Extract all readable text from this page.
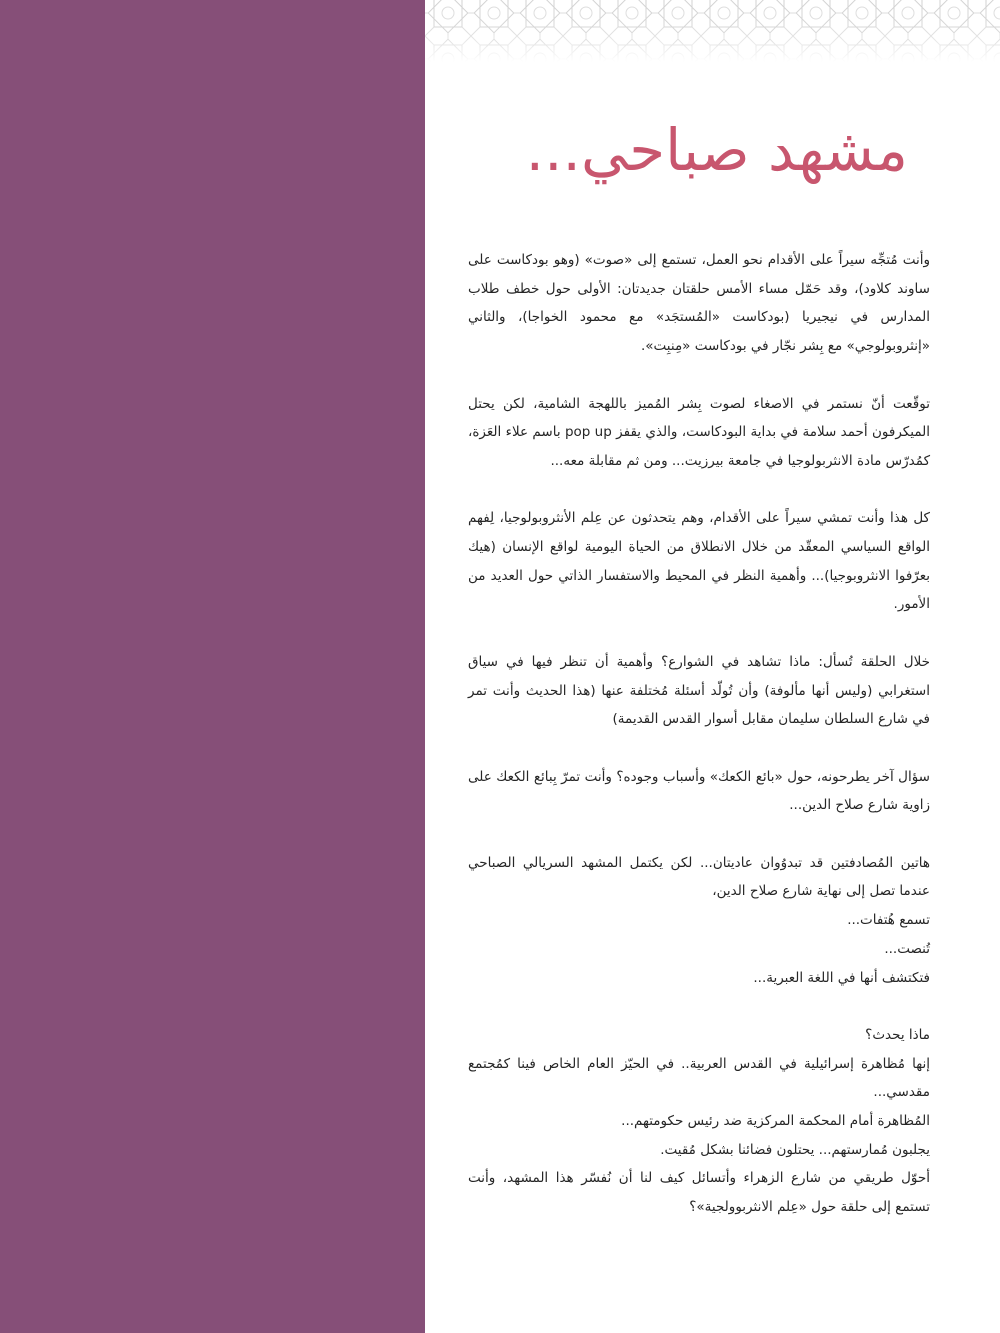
مشهد صباحي...

وأنت مُتجِّه سيراً على الأقدام نحو العمل، تستمع إلى «صوت» (وهو بودكاست على ساوند كلاود)، وقد حَمّل مساء الأمس حلقتان جديدتان: الأولى حول خطف طلاب المدارس في نيجيريا (بودكاست «المُستجَد» مع محمود الخواجا)، والثاني «إنثروبولوجي» مع بِشر نجّار في بودكاست «مِنبِت».

توقّعت أنّ نستمر في الاصغاء لصوت بِشر المُميز باللهجة الشامية، لكن يحتل الميكرفون أحمد سلامة في بداية البودكاست، والذي يقفز pop up باسم علاء العَزة، كمُدرّس مادة الانثربولوجيا في جامعة بيرزيت... ومن ثم مقابلة معه...

كل هذا وأنت تمشي سيراً على الأقدام، وهم يتحدثون عن عِلم الأنثروبولوجيا، لِفهم الواقع السياسي المعقّد من خلال الانطلاق من الحياة اليومية لواقع الإنسان (هيك بعرّفوا الانثروبوجيا)... وأهمية النظر في المحيط والاستفسار الذاتي حول العديد من الأمور.

خلال الحلقة تُسأل: ماذا تشاهد في الشوارع؟ وأهمية أن تنظر فيها في سياق استغرابي (وليس أنها مألوفة) وأن تُولّد أسئلة مُختلفة عنها (هذا الحديث وأنت تمر في شارع السلطان سليمان مقابل أسوار القدس القديمة)

سؤال آخر يطرحونه، حول «بائع الكعك» وأسباب وجوده؟ وأنت تمرّ بِبائع الكعك على زاوية شارع صلاح الدين...

هاتين المُصادفتين قد تبدوُوان عاديتان... لكن يكتمل المشهد السريالي الصباحي عندما تصل إلى نهاية شارع صلاح الدين،
تسمع هُتفات...
تُنصت...
فتكتشف أنها في اللغة العبرية...

ماذا يحدث؟
إنها مُظاهرة إسرائيلية في القدس العربية.. في الحيّز العام الخاص فينا كمُجتمع مقدسي...
المُظاهرة أمام المحكمة المركزية ضد رئيس حكومتهم...
يجلبون مُمارستهم... يحتلون فضائنا بشكل مُقيت.
أحوّل طريقي من شارع الزهراء وأتسائل كيف لنا أن نُفسّر هذا المشهد، وأنت تستمع إلى حلقة حول «عِلم الانثربوولجية»؟
